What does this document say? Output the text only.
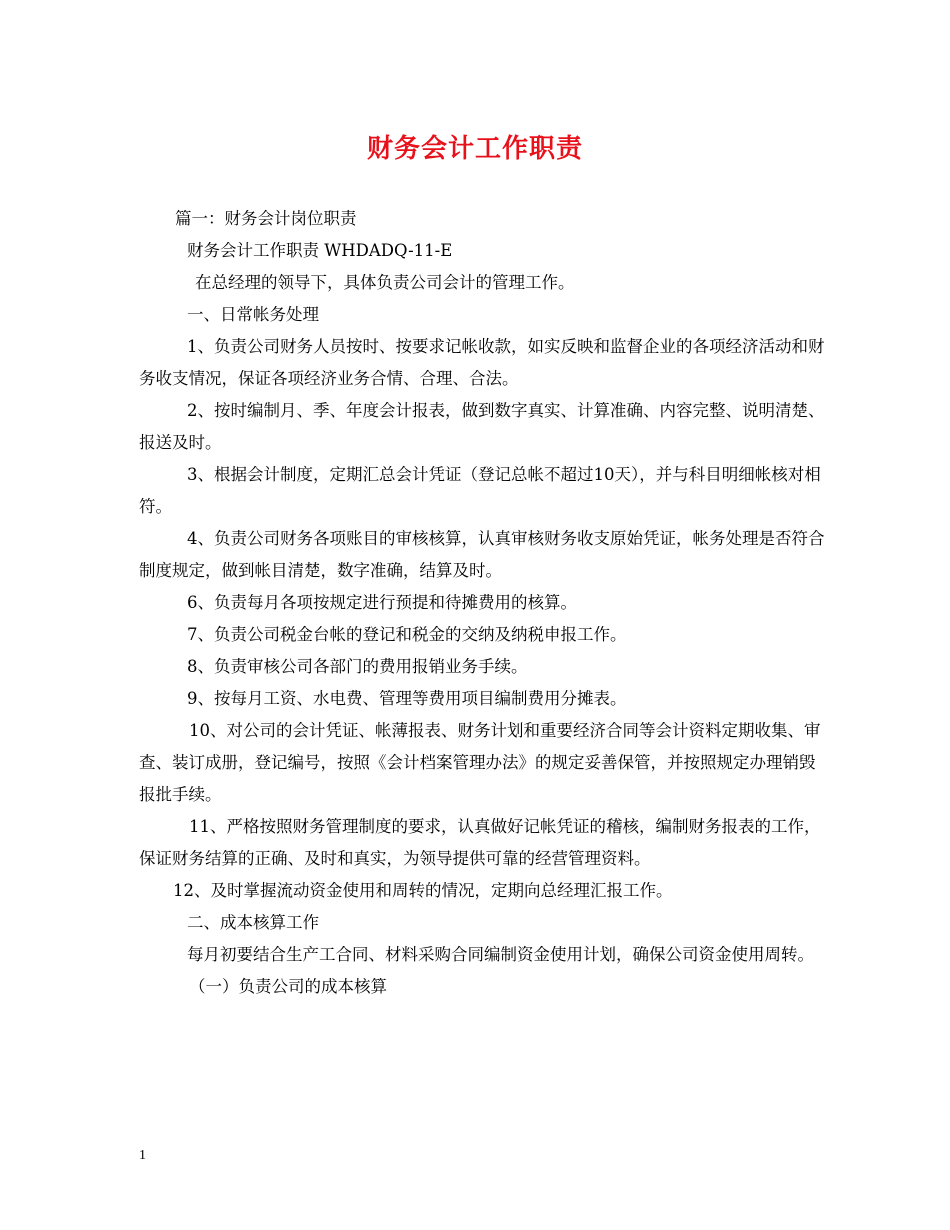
财务会计工作职责

篇一：财务会计岗位职责

财务会计工作职责 WHDADQ-11-E

在总经理的领导下，具体负责公司会计的管理工作。

一、日常帐务处理

1、负责公司财务人员按时、按要求记帐收款，如实反映和监督企业的各项经济活动和财务收支情况，保证各项经济业务合情、合理、合法。

2、按时编制月、季、年度会计报表，做到数字真实、计算准确、内容完整、说明清楚、报送及时。

3、根据会计制度，定期汇总会计凭证（登记总帐不超过10天），并与科目明细帐核对相符。

4、负责公司财务各项账目的审核核算，认真审核财务收支原始凭证，帐务处理是否符合制度规定，做到帐目清楚，数字准确，结算及时。

6、负责每月各项按规定进行预提和待摊费用的核算。

7、负责公司税金台帐的登记和税金的交纳及纳税申报工作。

8、负责审核公司各部门的费用报销业务手续。

9、按每月工资、水电费、管理等费用项目编制费用分摊表。

10、对公司的会计凭证、帐薄报表、财务计划和重要经济合同等会计资料定期收集、审查、装订成册，登记编号，按照《会计档案管理办法》的规定妥善保管，并按照规定办理销毁报批手续。

11、严格按照财务管理制度的要求，认真做好记帐凭证的稽核，编制财务报表的工作，保证财务结算的正确、及时和真实，为领导提供可靠的经营管理资料。

12、及时掌握流动资金使用和周转的情况，定期向总经理汇报工作。

二、成本核算工作

每月初要结合生产工合同、材料采购合同编制资金使用计划，确保公司资金使用周转。

（一）负责公司的成本核算

1
